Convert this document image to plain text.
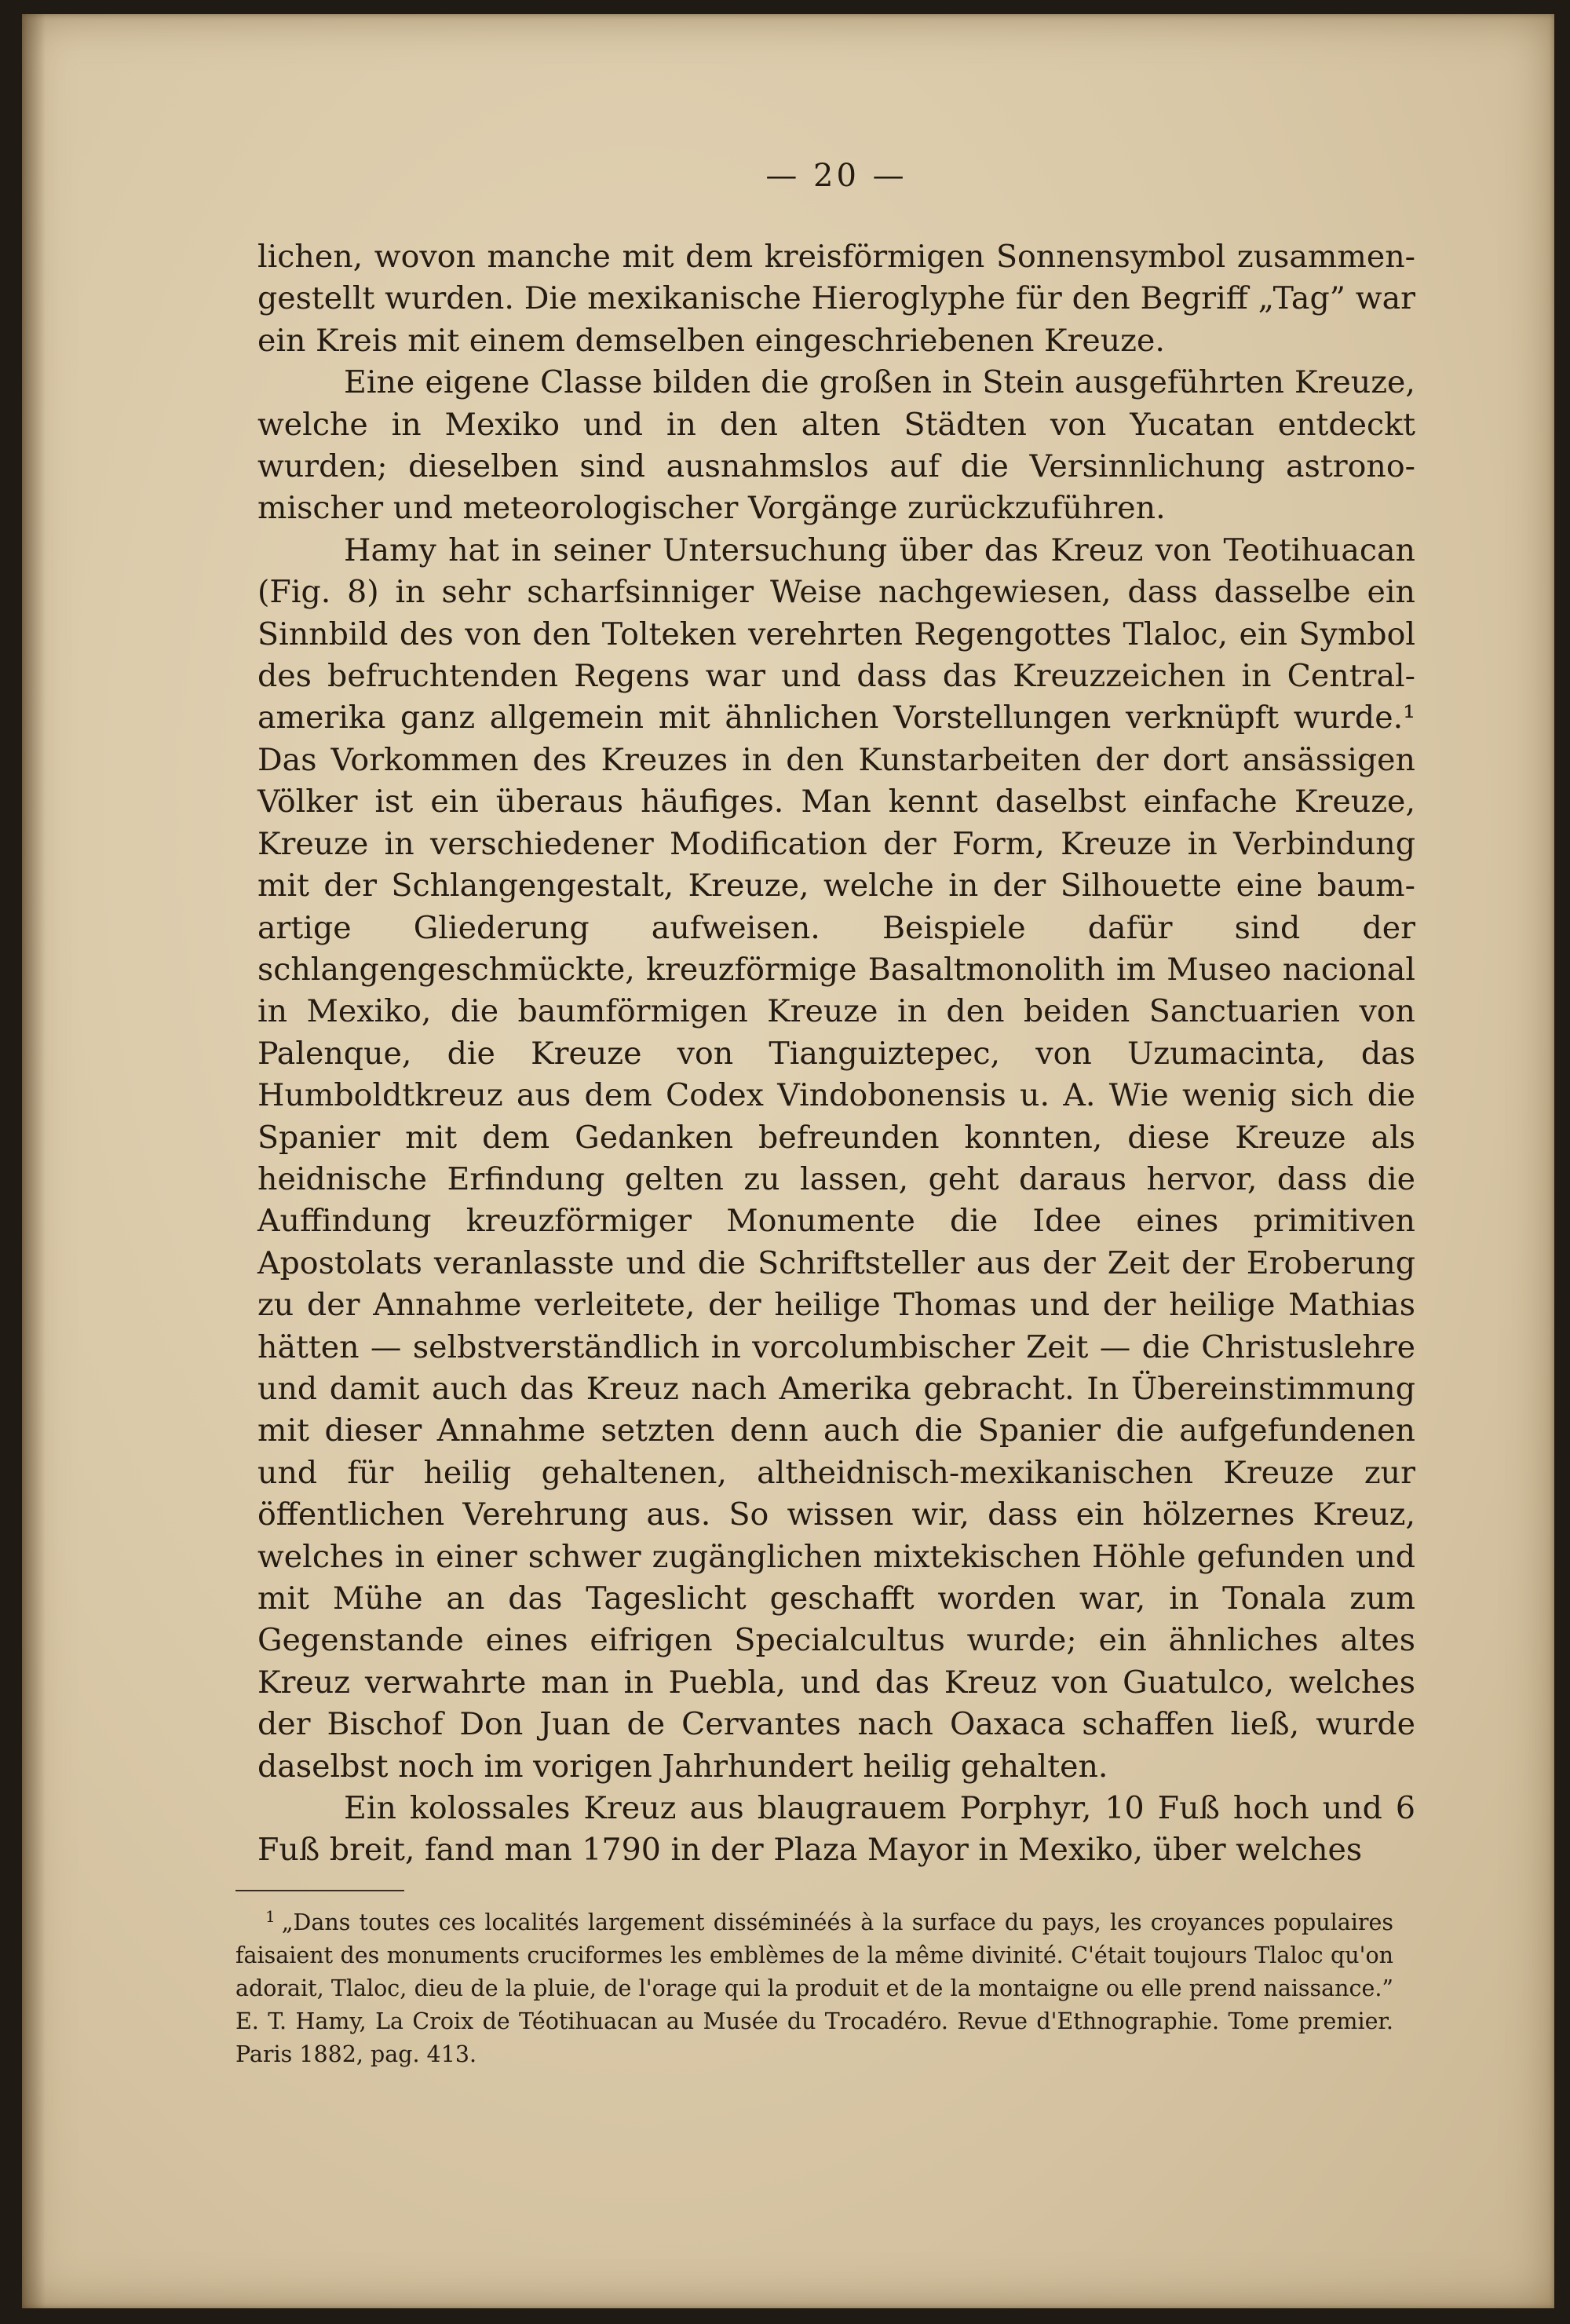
— 20 —

lichen, wovon manche mit dem kreisförmigen Sonnensymbol zusammengestellt wurden. Die mexikanische Hieroglyphe für den Begriff „Tag” war ein Kreis mit einem demselben eingeschriebenen Kreuze.

Eine eigene Classe bilden die großen in Stein ausgeführten Kreuze, welche in Mexiko und in den alten Städten von Yucatan entdeckt wurden; dieselben sind ausnahmslos auf die Versinnlichung astronomischer und meteorologischer Vorgänge zurückzuführen.

Hamy hat in seiner Untersuchung über das Kreuz von Teotihuacan (Fig. 8) in sehr scharfsinniger Weise nachgewiesen, dass dasselbe ein Sinnbild des von den Tolteken verehrten Regengottes Tlaloc, ein Symbol des befruchtenden Regens war und dass das Kreuzzeichen in Centralamerika ganz allgemein mit ähnlichen Vorstellungen verknüpft wurde.¹ Das Vorkommen des Kreuzes in den Kunstarbeiten der dort ansässigen Völker ist ein überaus häufiges. Man kennt daselbst einfache Kreuze, Kreuze in verschiedener Modification der Form, Kreuze in Verbindung mit der Schlangengestalt, Kreuze, welche in der Silhouette eine baumartige Gliederung aufweisen. Beispiele dafür sind der schlangengeschmückte, kreuzförmige Basaltmonolith im Museo nacional in Mexiko, die baumförmigen Kreuze in den beiden Sanctuarien von Palenque, die Kreuze von Tianguiztepec, von Uzumacinta, das Humboldtkreuz aus dem Codex Vindobonensis u. A. Wie wenig sich die Spanier mit dem Gedanken befreunden konnten, diese Kreuze als heidnische Erfindung gelten zu lassen, geht daraus hervor, dass die Auffindung kreuzförmiger Monumente die Idee eines primitiven Apostolats veranlasste und die Schriftsteller aus der Zeit der Eroberung zu der Annahme verleitete, der heilige Thomas und der heilige Mathias hätten — selbstverständlich in vorcolumbischer Zeit — die Christuslehre und damit auch das Kreuz nach Amerika gebracht. In Übereinstimmung mit dieser Annahme setzten denn auch die Spanier die aufgefundenen und für heilig gehaltenen, altheidnisch-mexikanischen Kreuze zur öffentlichen Verehrung aus. So wissen wir, dass ein hölzernes Kreuz, welches in einer schwer zugänglichen mixtekischen Höhle gefunden und mit Mühe an das Tageslicht geschafft worden war, in Tonala zum Gegenstande eines eifrigen Specialcultus wurde; ein ähnliches altes Kreuz verwahrte man in Puebla, und das Kreuz von Guatulco, welches der Bischof Don Juan de Cervantes nach Oaxaca schaffen ließ, wurde daselbst noch im vorigen Jahrhundert heilig gehalten.

Ein kolossales Kreuz aus blaugrauem Porphyr, 10 Fuß hoch und 6 Fuß breit, fand man 1790 in der Plaza Mayor in Mexiko, über welches

$^1$ „Dans toutes ces localités largement disséminéés à la surface du pays, les croyances populaires faisaient des monuments cruciformes les emblèmes de la même divinité. C'était toujours Tlaloc qu'on adorait, Tlaloc, dieu de la pluie, de l'orage qui la produit et de la montaigne ou elle prend naissance.” E. T. Hamy, La Croix de Téotihuacan au Musée du Trocadéro. Revue d'Ethnographie. Tome premier. Paris 1882, pag. 413.
